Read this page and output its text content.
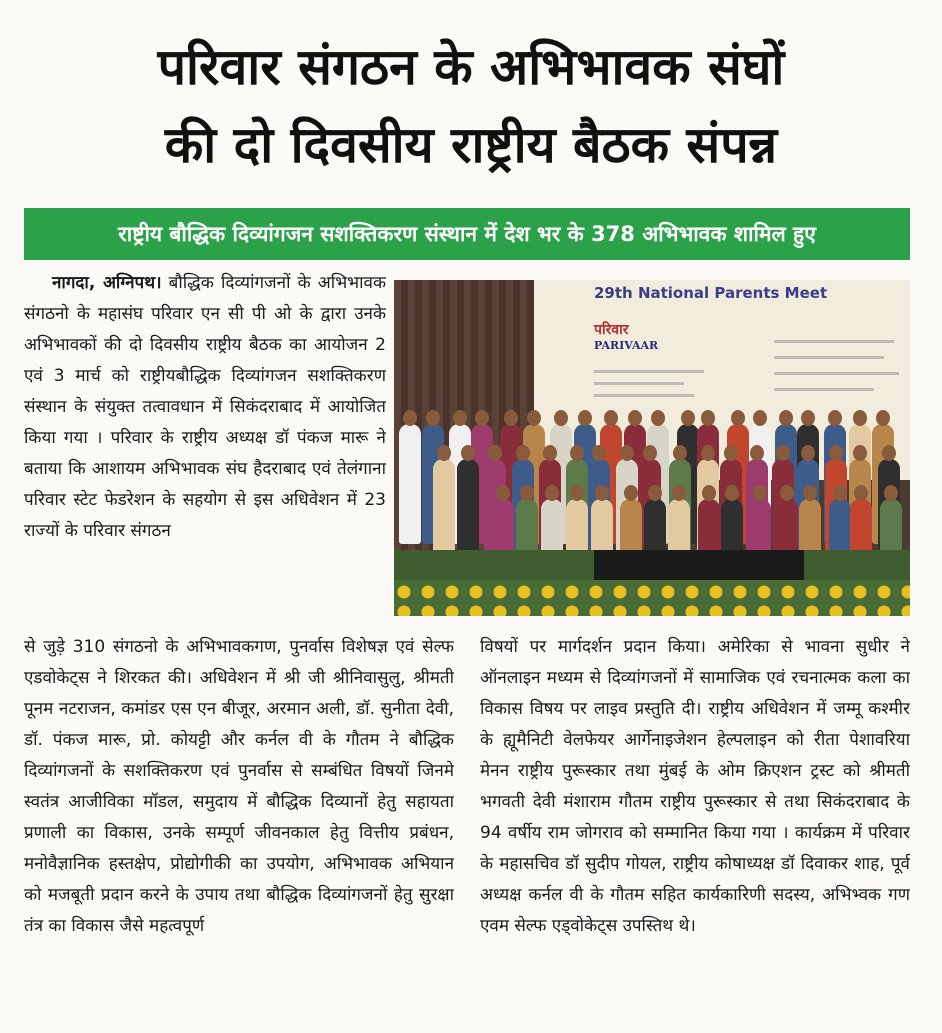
परिवार संगठन के अभिभावक संघों
की दो दिवसीय राष्ट्रीय बैठक संपन्न
राष्ट्रीय बौद्धिक दिव्यांगजन सशक्तिकरण संस्थान में देश भर के 378 अभिभावक शामिल हुए

नागदा, अग्निपथ। बौद्धिक दिव्यांगजनों के अभिभावक संगठनो के महासंघ परिवार एन सी पी ओ के द्वारा उनके अभिभावकों की दो दिवसीय राष्ट्रीय बैठक का आयोजन 2 एवं 3 मार्च को राष्ट्रीयबौद्धिक दिव्यांगजन सशक्तिकरण संस्थान के संयुक्त तत्वावधान में सिकंदराबाद में आयोजित किया गया । परिवार के राष्ट्रीय अध्यक्ष डॉ पंकज मारू ने बताया कि आशायम अभिभावक संघ हैदराबाद एवं तेलंगाना परिवार स्टेट फेडरेशन के सहयोग से इस अधिवेशन में 23 राज्यों के परिवार संगठन

29th National Parents Meet
परिवार
PARIVAAR

से जुड़े 310 संगठनो के अभिभावकगण, पुनर्वास विशेषज्ञ एवं सेल्फ एडवोकेट्स ने शिरकत की। अधिवेशन में श्री जी श्रीनिवासुलु, श्रीमती पूनम नटराजन, कमांडर एस एन बीजूर, अरमान अली, डॉ. सुनीता देवी, डॉ. पंकज मारू, प्रो. कोयट्टी और कर्नल वी के गौतम ने बौद्धिक दिव्यांगजनों के सशक्तिकरण एवं पुनर्वास से सम्बंधित विषयों जिनमे स्वतंत्र आजीविका मॉडल, समुदाय में बौद्धिक दिव्यानों हेतु सहायता प्रणाली का विकास, उनके सम्पूर्ण जीवनकाल हेतु वित्तीय प्रबंधन, मनोवैज्ञानिक हस्तक्षेप, प्रोद्योगीकी का उपयोग, अभिभावक अभियान को मजबूती प्रदान करने के उपाय तथा बौद्धिक दिव्यांगजनों हेतु सुरक्षा तंत्र का विकास जैसे महत्वपूर्ण

विषयों पर मार्गदर्शन प्रदान किया। अमेरिका से भावना सुधीर ने ऑनलाइन मध्यम से दिव्यांगजनों में सामाजिक एवं रचनात्मक कला का विकास विषय पर लाइव प्रस्तुति दी। राष्ट्रीय अधिवेशन में जम्मू कश्मीर के ह्यूमैनिटी वेलफेयर आर्गेनाइजेशन हेल्पलाइन को रीता पेशावरिया मेनन राष्ट्रीय पुरूस्कार तथा मुंबई के ओम क्रिएशन ट्रस्ट को श्रीमती भगवती देवी मंशाराम गौतम राष्ट्रीय पुरूस्कार से तथा सिकंदराबाद के 94 वर्षीय राम जोगराव को सम्मानित किया गया । कार्यक्रम में परिवार के महासचिव डॉ सुदीप गोयल, राष्ट्रीय कोषाध्यक्ष डॉ दिवाकर शाह, पूर्व अध्यक्ष कर्नल वी के गौतम सहित कार्यकारिणी सदस्य, अभिभ्वक गण एवम सेल्फ एड्वोकेट्स उपस्तिथ थे।
